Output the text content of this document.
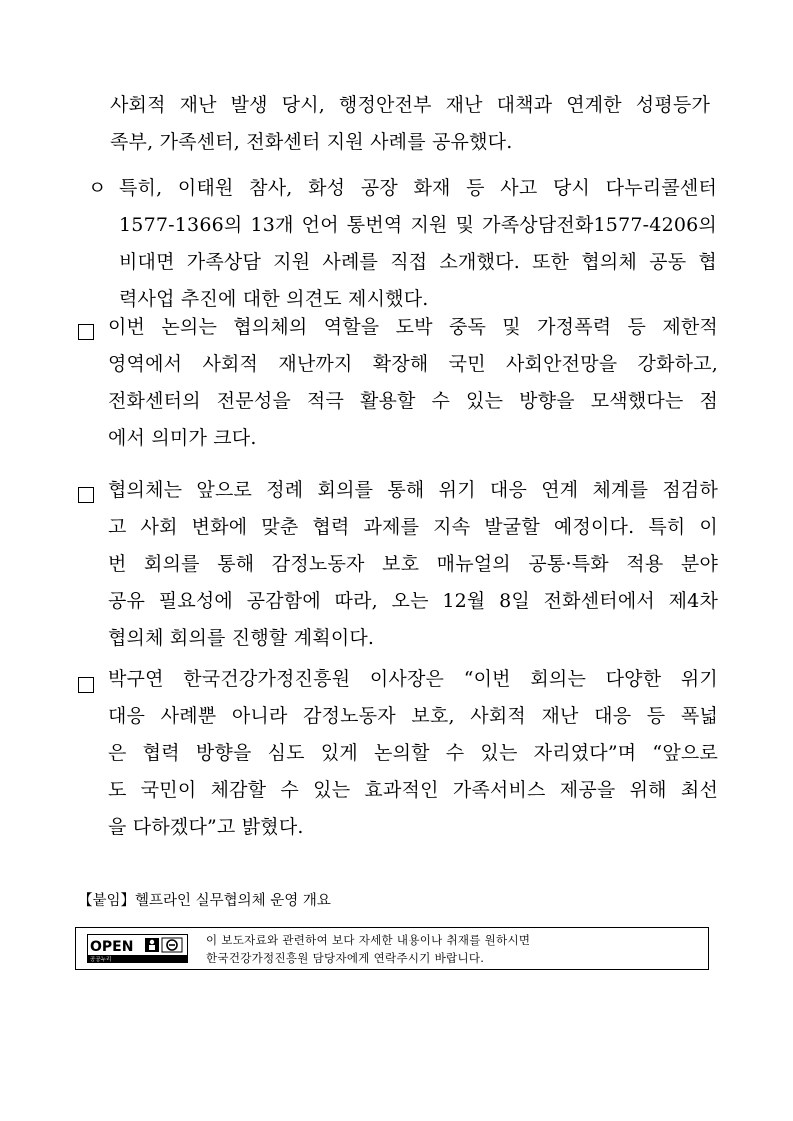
사회적 재난 발생 당시, 행정안전부 재난 대책과 연계한 성평등가
족부, 가족센터, 전화센터 지원 사례를 공유했다.
ㅇ 특히, 이태원 참사, 화성 공장 화재 등 사고 당시 다누리콜센터
1577-1366의 13개 언어 통번역 지원 및 가족상담전화1577-4206의
비대면 가족상담 지원 사례를 직접 소개했다. 또한 협의체 공동 협
력사업 추진에 대한 의견도 제시했다.
이번 논의는 협의체의 역할을 도박 중독 및 가정폭력 등 제한적
영역에서 사회적 재난까지 확장해 국민 사회안전망을 강화하고,
전화센터의 전문성을 적극 활용할 수 있는 방향을 모색했다는 점
에서 의미가 크다.
협의체는 앞으로 정례 회의를 통해 위기 대응 연계 체계를 점검하
고 사회 변화에 맞춘 협력 과제를 지속 발굴할 예정이다. 특히 이
번 회의를 통해 감정노동자 보호 매뉴얼의 공통·특화 적용 분야
공유 필요성에 공감함에 따라, 오는 12월 8일 전화센터에서 제4차
협의체 회의를 진행할 계획이다.
박구연 한국건강가정진흥원 이사장은 “이번 회의는 다양한 위기
대응 사례뿐 아니라 감정노동자 보호, 사회적 재난 대응 등 폭넓
은 협력 방향을 심도 있게 논의할 수 있는 자리였다”며 “앞으로
도 국민이 체감할 수 있는 효과적인 가족서비스 제공을 위해 최선
을 다하겠다”고 밝혔다.
【붙임】헬프라인 실무협의체 운영 개요
OPEN
공공누리
이 보도자료와 관련하여 보다 자세한 내용이나 취재를 원하시면
한국건강가정진흥원 담당자에게 연락주시기 바랍니다.
